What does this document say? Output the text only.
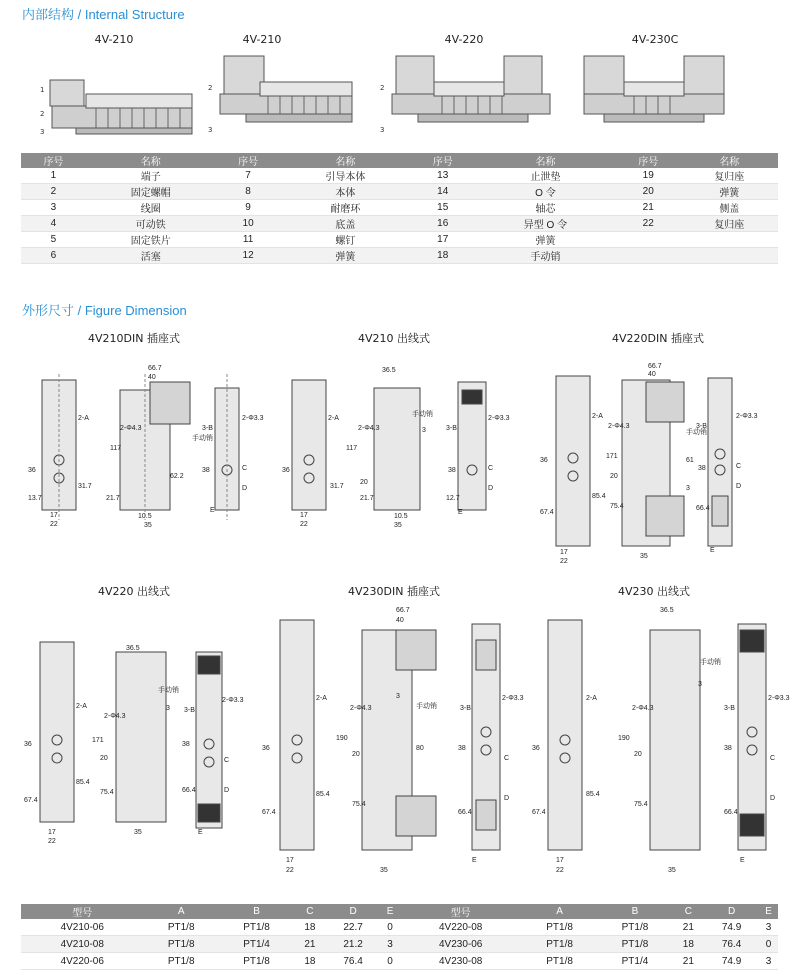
内部结构 / Internal Structure
4V-210	4V-210	4V-220	4V-230C
1
2
3
2
3
2
3
序号	名称	序号	名称	序号	名称	序号	名称
1	端子	7	引导本体	13	止泄垫	19	复归座
2	固定螺帽	8	本体	14	O 令	20	弹簧
3	线圈	9	耐磨环	15	轴芯	21	侧盖
4	可动铁	10	底盖	16	异型 O 令	22	复归座
5	固定铁片	11	螺钉	17	弹簧		
6	活塞	12	弹簧	18	手动销		
外形尺寸 / Figure Dimension
4V210DIN 插座式	4V210 出线式	4V220DIN 插座式
4V220 出线式	4V230DIN 插座式	4V230 出线式
66.7
40
117
36
62.2
31.7
13.7	21.7
17
22
10.5
35
38
2-A
2-Φ4.3
2-Φ3.3
3-B
手动销
C
D
E
36.5
手动销
3
2-A
2-Φ4.3
2-Φ3.3
3-B
117
36	38
20
31.7
21.7	12.7
C
D
E
17
22
10.5
35
66.7
40
2-A
2-Φ4.3
手动销
2-Φ3.3
3-B
171
36	61
38	C
D
20
85.4
75.4
67.4
66.4
3
17
22
35
E
36.5
手动销
3
2-A
2-Φ4.3
2-Φ3.3
3-B
171
36	38
20
85.4
75.4
67.4
66.4
C
D
E
17
22
35
66.7
40
2-A
2-Φ4.3
3
手动销
2-Φ3.3
3-B
190
36	80	38
20
85.4
75.4
67.4	66.4
C
D
E
17
22	35
36.5
手动销
3
2-A
2-Φ4.3
2-Φ3.3
3-B
190
36	38
20
85.4
75.4
67.4	66.4
C
D
E
17
22	35
型号	A	B	C	D	E	型号	A	B	C	D	E
4V210-06	PT1/8	PT1/8	18	22.7	0	4V220-08	PT1/8	PT1/8	21	74.9	3
4V210-08	PT1/8	PT1/4	21	21.2	3	4V230-06	PT1/8	PT1/8	18	76.4	0
4V220-06	PT1/8	PT1/8	18	76.4	0	4V230-08	PT1/8	PT1/4	21	74.9	3
